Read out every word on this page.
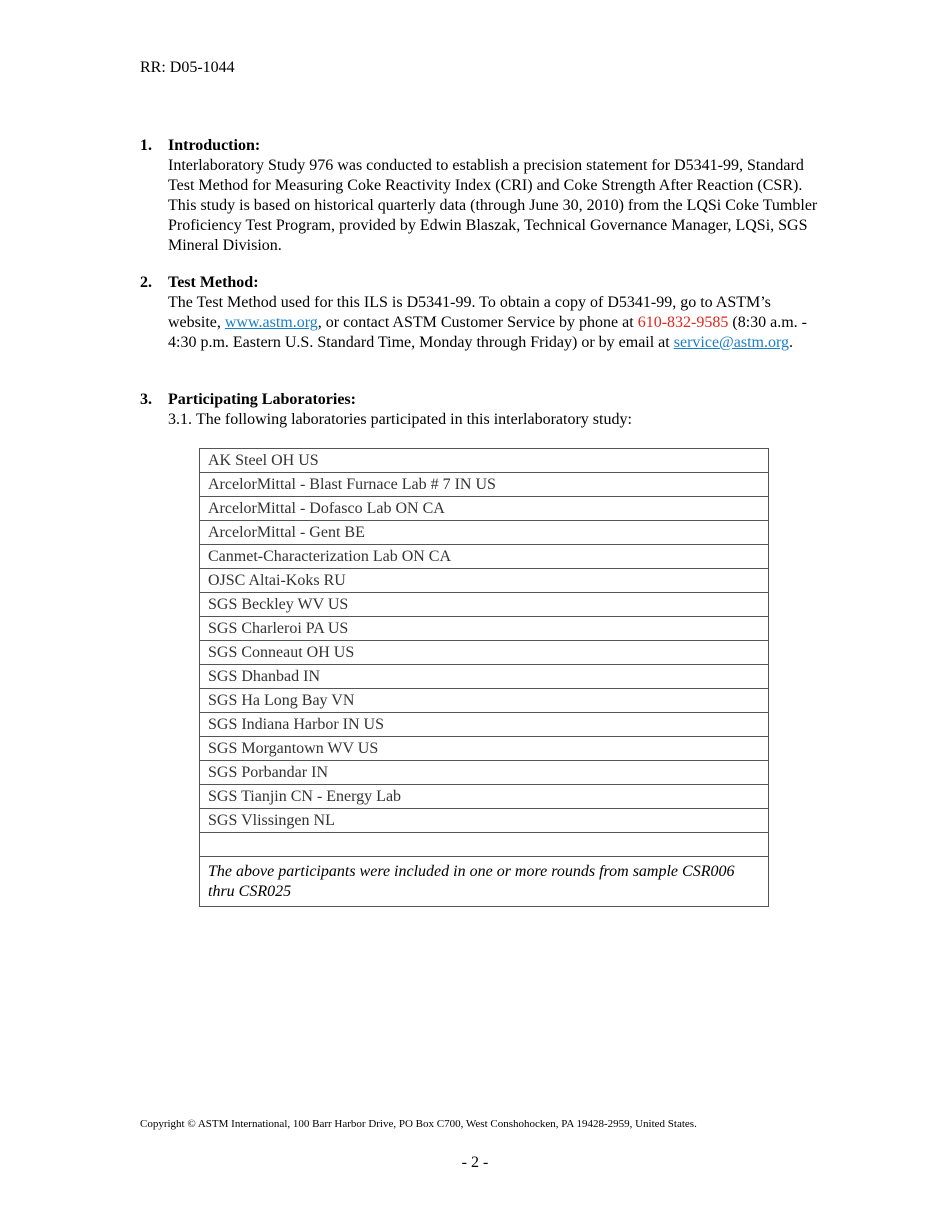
RR: D05-1044
1. Introduction:
Interlaboratory Study 976 was conducted to establish a precision statement for D5341-99, Standard Test Method for Measuring Coke Reactivity Index (CRI) and Coke Strength After Reaction (CSR). This study is based on historical quarterly data (through June 30, 2010) from the LQSi Coke Tumbler Proficiency Test Program, provided by Edwin Blaszak, Technical Governance Manager, LQSi, SGS Mineral Division.
2. Test Method:
The Test Method used for this ILS is D5341-99. To obtain a copy of D5341-99, go to ASTM’s website, www.astm.org, or contact ASTM Customer Service by phone at 610-832-9585 (8:30 a.m. - 4:30 p.m. Eastern U.S. Standard Time, Monday through Friday) or by email at service@astm.org.
3. Participating Laboratories:
3.1. The following laboratories participated in this interlaboratory study:
AK Steel OH US
ArcelorMittal - Blast Furnace Lab # 7 IN US
ArcelorMittal - Dofasco Lab ON CA
ArcelorMittal - Gent BE
Canmet-Characterization Lab ON CA
OJSC Altai-Koks RU
SGS Beckley WV US
SGS Charleroi PA US
SGS Conneaut OH US
SGS Dhanbad IN
SGS Ha Long Bay VN
SGS Indiana Harbor IN US
SGS Morgantown WV US
SGS Porbandar IN
SGS Tianjin CN - Energy Lab
SGS Vlissingen NL

The above participants were included in one or more rounds from sample CSR006 thru CSR025
Copyright © ASTM International, 100 Barr Harbor Drive, PO Box C700, West Conshohocken, PA 19428-2959, United States.
- 2 -
